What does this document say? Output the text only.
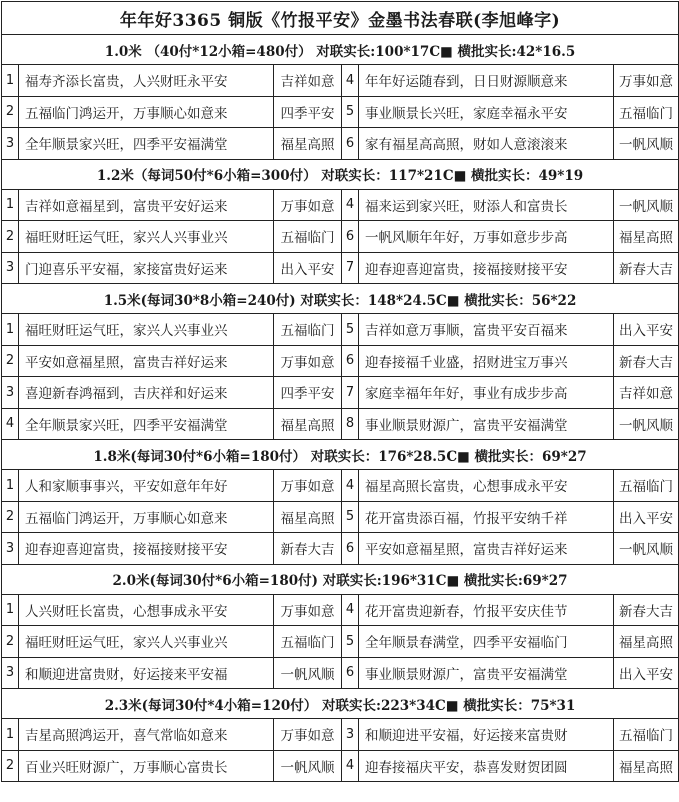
年年好3365 铜版《竹报平安》金墨书法春联(李旭峰字)					
1.0米 （40付*12小箱=480付） 对联实长:100*17C■ 横批实长:42*16.5					
1	福寿齐添长富贵，人兴财旺永平安	吉祥如意	4	年年好运随春到，日日财源顺意来	万事如意
2	五福临门鸿运开，万事顺心如意来	四季平安	5	事业顺景长兴旺，家庭幸福永平安	五福临门
3	全年顺景家兴旺，四季平安福满堂	福星高照	6	家有福星高高照，财如人意滚滚来	一帆风顺
1.2米（每词50付*6小箱=300付） 对联实长：117*21C■ 横批实长：49*19					
1	吉祥如意福星到，富贵平安好运来	万事如意	4	福来运到家兴旺，财添人和富贵长	一帆风顺
2	福旺财旺运气旺，家兴人兴事业兴	五福临门	6	一帆风顺年年好，万事如意步步高	福星高照
3	门迎喜乐平安福，家接富贵好运来	出入平安	7	迎春迎喜迎富贵，接福接财接平安	新春大吉
1.5米(每词30*8小箱=240付) 对联实长：148*24.5C■ 横批实长：56*22					
1	福旺财旺运气旺，家兴人兴事业兴	五福临门	5	吉祥如意万事顺，富贵平安百福来	出入平安
2	平安如意福星照，富贵吉祥好运来	万事如意	6	迎春接福千业盛，招财进宝万事兴	新春大吉
3	喜迎新春鸿福到，吉庆祥和好运来	四季平安	7	家庭幸福年年好，事业有成步步高	吉祥如意
4	全年顺景家兴旺，四季平安福满堂	福星高照	8	事业顺景财源广，富贵平安福满堂	一帆风顺
1.8米(每词30付*6小箱=180付） 对联实长：176*28.5C■ 横批实长：69*27					
1	人和家顺事事兴，平安如意年年好	万事如意	4	福星高照长富贵，心想事成永平安	五福临门
2	五福临门鸿运开，万事顺心如意来	福星高照	5	花开富贵添百福，竹报平安纳千祥	出入平安
3	迎春迎喜迎富贵，接福接财接平安	新春大吉	6	平安如意福星照，富贵吉祥好运来	一帆风顺
2.0米(每词30付*6小箱=180付) 对联实长:196*31C■ 横批实长:69*27					
1	人兴财旺长富贵，心想事成永平安	万事如意	4	花开富贵迎新春，竹报平安庆佳节	新春大吉
2	福旺财旺运气旺，家兴人兴事业兴	五福临门	5	全年顺景春满堂，四季平安福临门	福星高照
3	和顺迎进富贵财，好运接来平安福	一帆风顺	6	事业顺景财源广，富贵平安福满堂	出入平安
2.3米(每词30付*4小箱=120付） 对联实长:223*34C■ 横批实长：75*31					
1	吉星高照鸿运开，喜气常临如意来	万事如意	3	和顺迎进平安福，好运接来富贵财	五福临门
2	百业兴旺财源广，万事顺心富贵长	一帆风顺	4	迎春接福庆平安，恭喜发财贺团圆	福星高照
